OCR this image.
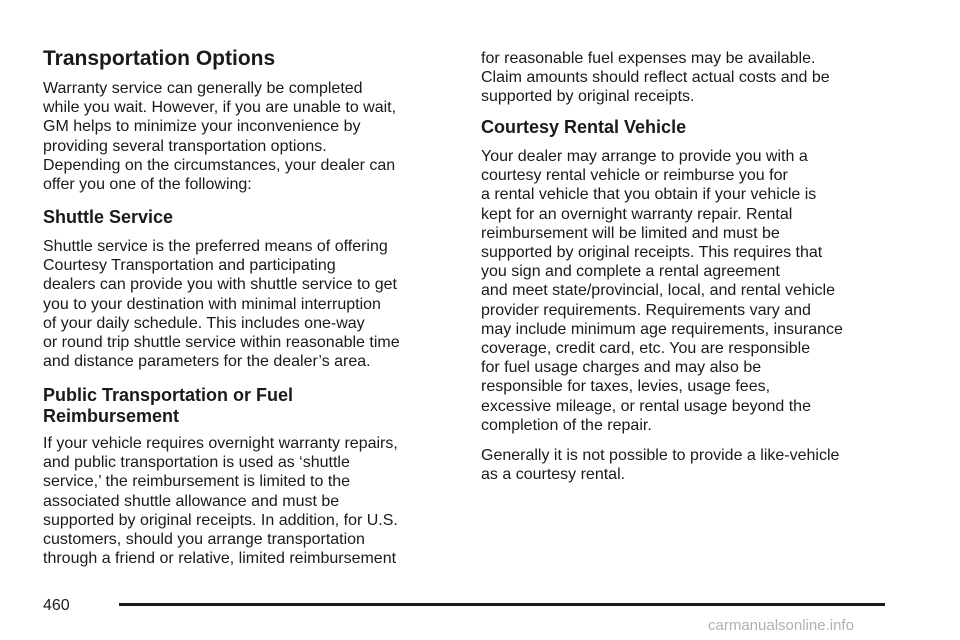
Transportation Options
Warranty service can generally be completed
while you wait. However, if you are unable to wait,
GM helps to minimize your inconvenience by
providing several transportation options.
Depending on the circumstances, your dealer can
offer you one of the following:
Shuttle Service
Shuttle service is the preferred means of offering
Courtesy Transportation and participating
dealers can provide you with shuttle service to get
you to your destination with minimal interruption
of your daily schedule. This includes one-way
or round trip shuttle service within reasonable time
and distance parameters for the dealer’s area.
Public Transportation or Fuel
Reimbursement
If your vehicle requires overnight warranty repairs,
and public transportation is used as ‘shuttle
service,’ the reimbursement is limited to the
associated shuttle allowance and must be
supported by original receipts. In addition, for U.S.
customers, should you arrange transportation
through a friend or relative, limited reimbursement
for reasonable fuel expenses may be available.
Claim amounts should reflect actual costs and be
supported by original receipts.
Courtesy Rental Vehicle
Your dealer may arrange to provide you with a
courtesy rental vehicle or reimburse you for
a rental vehicle that you obtain if your vehicle is
kept for an overnight warranty repair. Rental
reimbursement will be limited and must be
supported by original receipts. This requires that
you sign and complete a rental agreement
and meet state/provincial, local, and rental vehicle
provider requirements. Requirements vary and
may include minimum age requirements, insurance
coverage, credit card, etc. You are responsible
for fuel usage charges and may also be
responsible for taxes, levies, usage fees,
excessive mileage, or rental usage beyond the
completion of the repair.
Generally it is not possible to provide a like-vehicle
as a courtesy rental.
460
carmanualsonline.info
